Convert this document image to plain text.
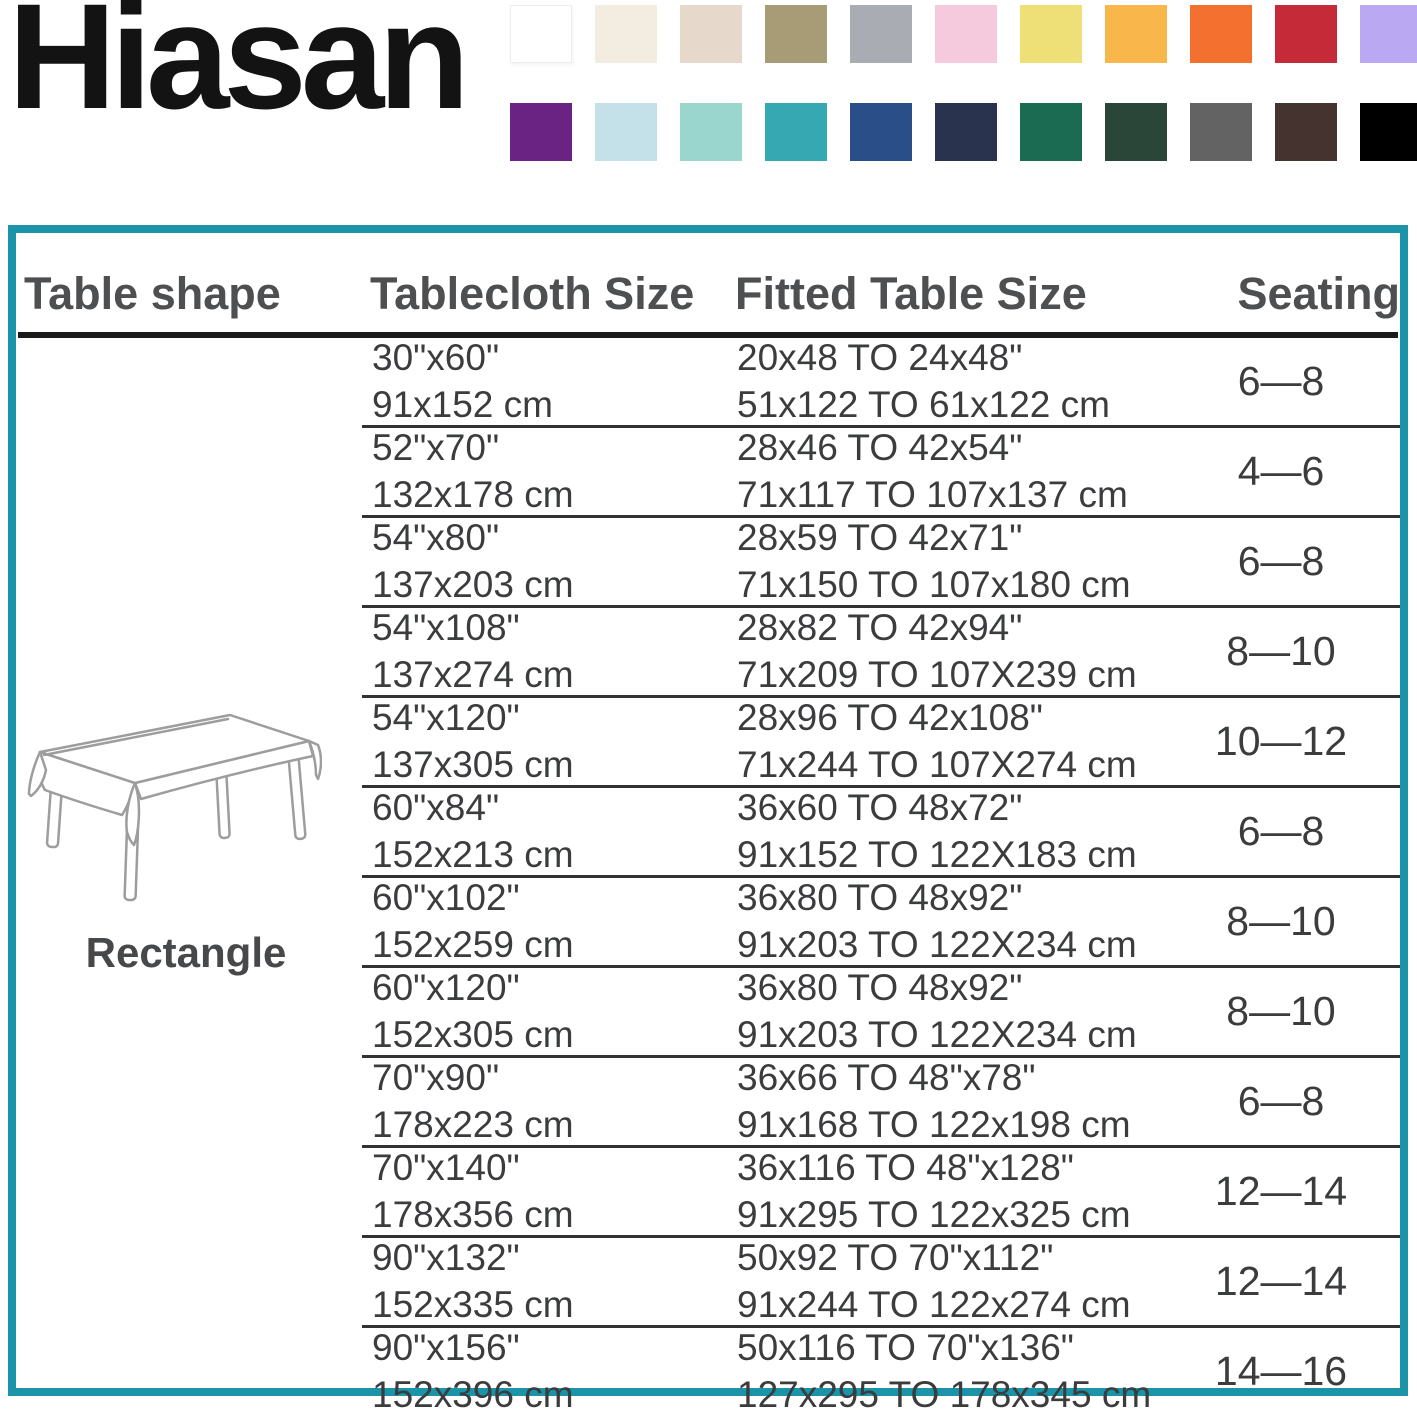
Hiasan
Table shape	Tablecloth Size Fitted Table Size	Seating
30"x60"
91x152 cm
20x48 TO 24x48"
51x122 TO 61x122 cm
6—8
52"x70"
132x178 cm
28x46 TO 42x54"
71x117 TO 107x137 cm
4—6
54"x80"
137x203 cm
28x59 TO 42x71"
71x150 TO 107x180 cm
6—8
54"x108"
137x274 cm
28x82 TO 42x94"
71x209 TO 107X239 cm
8—10
54"x120"
137x305 cm
28x96 TO 42x108"
71x244 TO 107X274 cm
10—12
60"x84"
152x213 cm
36x60 TO 48x72"
91x152 TO 122X183 cm
6—8
60"x102"
152x259 cm
36x80 TO 48x92"
91x203 TO 122X234 cm
8—10
60"x120"
152x305 cm
36x80 TO 48x92"
91x203 TO 122X234 cm
8—10
70"x90"
178x223 cm
36x66 TO 48"x78"
91x168 TO 122x198 cm
6—8
70"x140"
178x356 cm
36x116 TO 48"x128"
91x295 TO 122x325 cm
12—14
90"x132"
152x335 cm
50x92 TO 70"x112"
91x244 TO 122x274 cm
12—14
90"x156"
152x396 cm
50x116 TO 70"x136"
127x295 TO 178x345 cm
14—16
Rectangle
